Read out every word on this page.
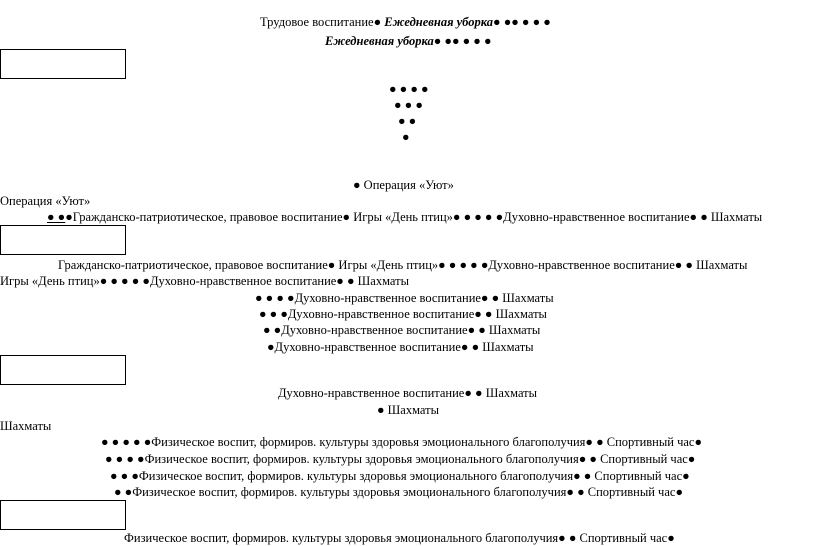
Трудовое воспитание● Ежедневная уборка● ●● ● ● ●
Ежедневная уборка● ●● ● ● ●
● ● ● ●
● ● ●
● ●
●
● Операция «Уют»
Операция «Уют»
● ●●Гражданско-патриотическое, правовое воспитание● Игры «День птиц»● ● ● ● ●Духовно-нравственное воспитание● ● Шахматы
Гражданско-патриотическое, правовое воспитание● Игры «День птиц»● ● ● ● ●Духовно-нравственное воспитание● ● Шахматы
Игры «День птиц»● ● ● ● ●Духовно-нравственное воспитание● ● Шахматы
● ● ● ●Духовно-нравственное воспитание● ● Шахматы
● ● ●Духовно-нравственное воспитание● ● Шахматы
● ●Духовно-нравственное воспитание● ● Шахматы
●Духовно-нравственное воспитание● ● Шахматы
Духовно-нравственное воспитание● ● Шахматы
● Шахматы
Шахматы
● ● ● ● ●Физическое воспит, формиров. культуры здоровья эмоционального благополучия● ● Спортивный час●
● ● ● ●Физическое воспит, формиров. культуры здоровья эмоционального благополучия● ● Спортивный час●
● ● ●Физическое воспит, формиров. культуры здоровья эмоционального благополучия● ● Спортивный час●
● ●Физическое воспит, формиров. культуры здоровья эмоционального благополучия● ● Спортивный час●
Физическое воспит, формиров. культуры здоровья эмоционального благополучия● ● Спортивный час●
